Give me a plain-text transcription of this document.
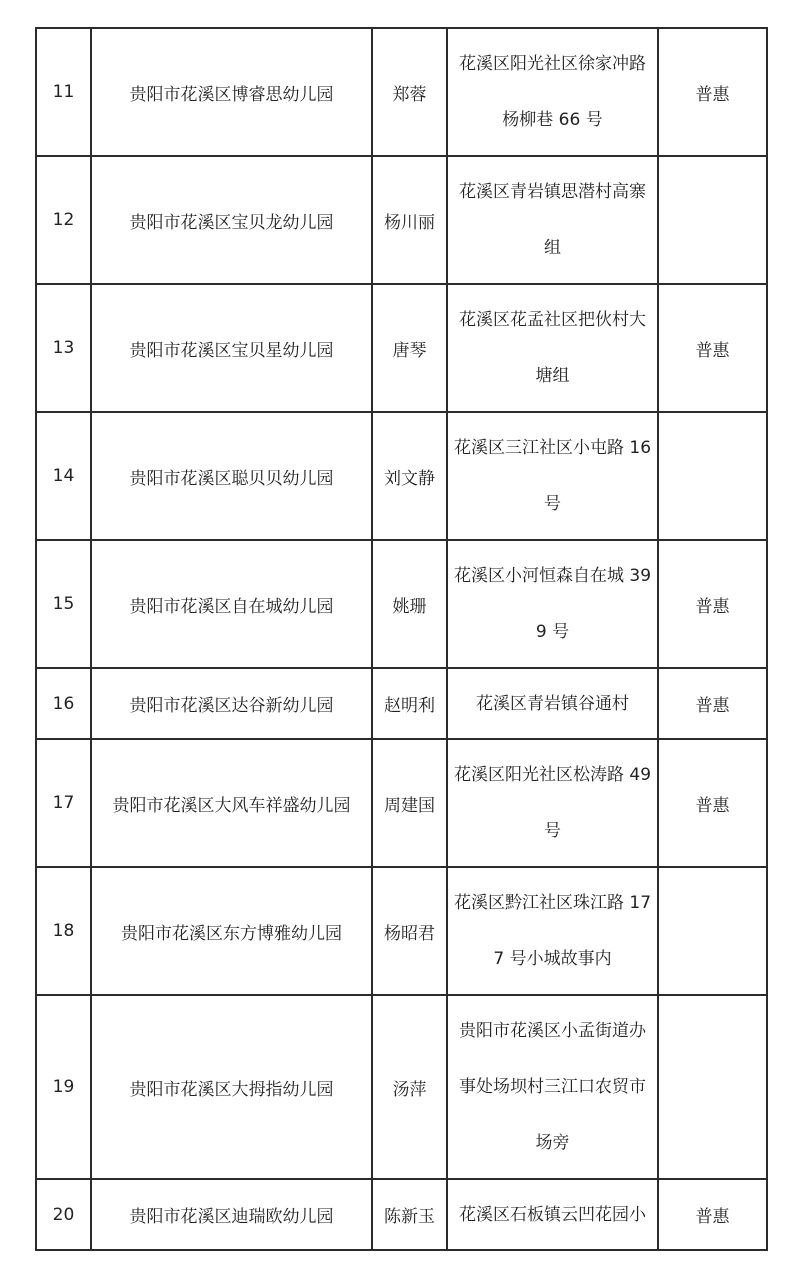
11	贵阳市花溪区博睿思幼儿园	郑蓉	花溪区阳光社区徐家冲路
杨柳巷 66 号	普惠
12	贵阳市花溪区宝贝龙幼儿园	杨川丽	花溪区青岩镇思潜村高寨
组	

13	贵阳市花溪区宝贝星幼儿园	唐琴	花溪区花孟社区把伙村大
塘组	普惠
14	贵阳市花溪区聪贝贝幼儿园	刘文静	花溪区三江社区小屯路 16
号	

15	贵阳市花溪区自在城幼儿园	姚珊	花溪区小河恒森自在城 39
9 号	普惠
16	贵阳市花溪区达谷新幼儿园	赵明利	花溪区青岩镇谷通村	普惠
17	贵阳市花溪区大风车祥盛幼儿园	周建国	花溪区阳光社区松涛路 49
号	普惠
18	贵阳市花溪区东方博雅幼儿园	杨昭君	花溪区黔江社区珠江路 17
7 号小城故事内	

19	贵阳市花溪区大拇指幼儿园	汤萍	贵阳市花溪区小孟街道办
事处场坝村三江口农贸市
场旁	

20	贵阳市花溪区迪瑞欧幼儿园	陈新玉	花溪区石板镇云凹花园小	普惠
